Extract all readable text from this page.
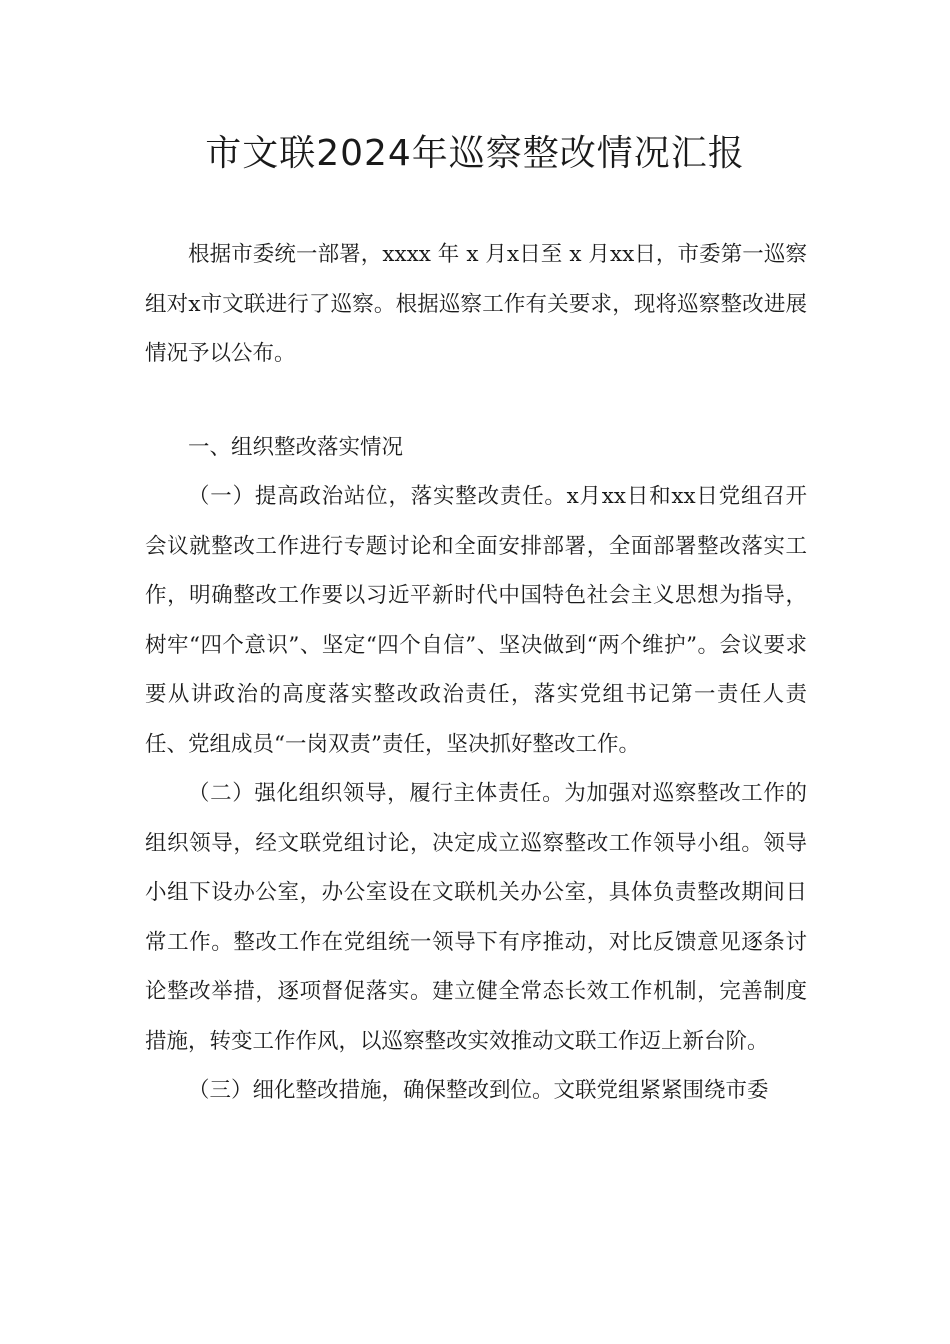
市文联2024年巡察整改情况汇报

根据市委统一部署，xxxx 年 x 月x日至 x 月xx日，市委第一巡察组对x市文联进行了巡察。根据巡察工作有关要求，现将巡察整改进展情况予以公布。

一、组织整改落实情况

（一）提高政治站位，落实整改责任。x月xx日和xx日党组召开会议就整改工作进行专题讨论和全面安排部署，全面部署整改落实工作，明确整改工作要以习近平新时代中国特色社会主义思想为指导，树牢“四个意识”、坚定“四个自信”、坚决做到“两个维护”。会议要求要从讲政治的高度落实整改政治责任，落实党组书记第一责任人责任、党组成员“一岗双责”责任，坚决抓好整改工作。

（二）强化组织领导，履行主体责任。为加强对巡察整改工作的组织领导，经文联党组讨论，决定成立巡察整改工作领导小组。领导小组下设办公室，办公室设在文联机关办公室，具体负责整改期间日常工作。整改工作在党组统一领导下有序推动，对比反馈意见逐条讨论整改举措，逐项督促落实。建立健全常态长效工作机制，完善制度措施，转变工作作风，以巡察整改实效推动文联工作迈上新台阶。

（三）细化整改措施，确保整改到位。文联党组紧紧围绕市委
